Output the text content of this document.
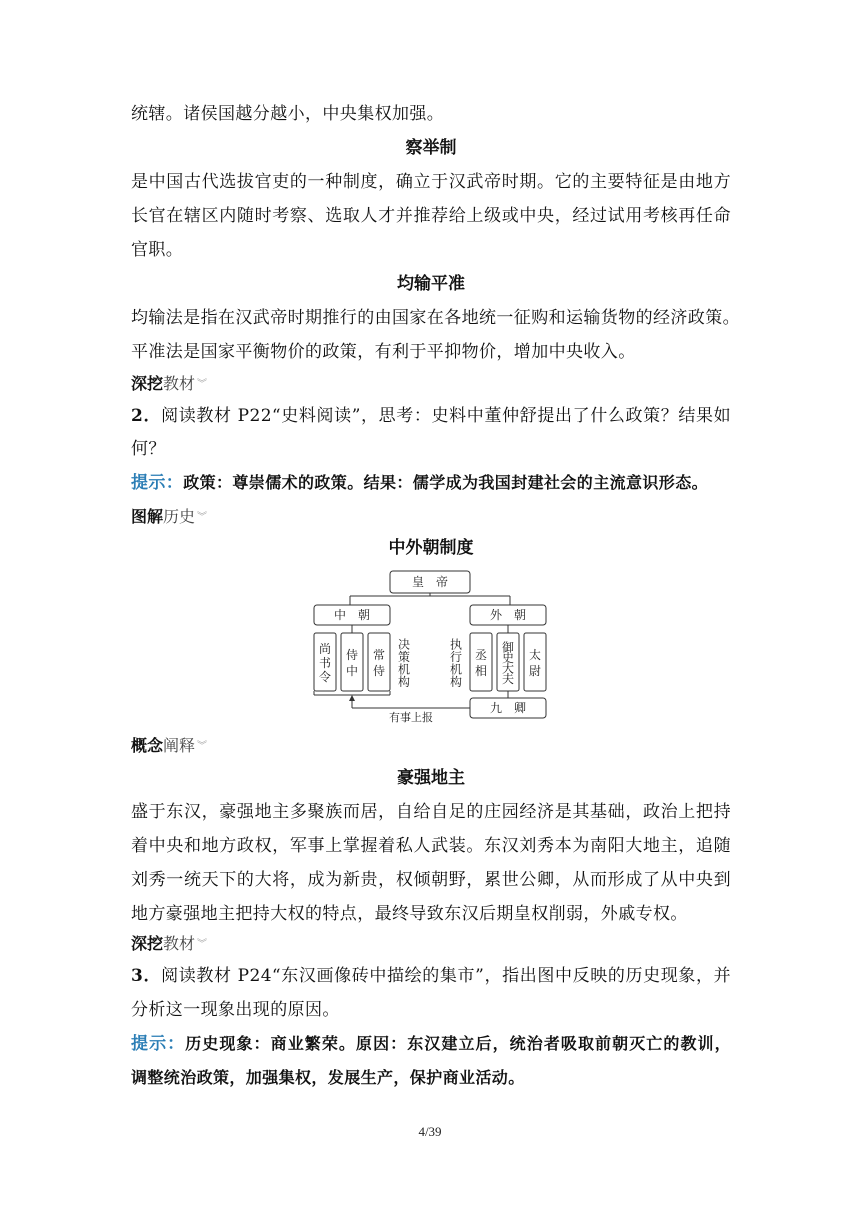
统辖。诸侯国越分越小，中央集权加强。
察举制
是中国古代选拔官吏的一种制度，确立于汉武帝时期。它的主要特征是由地方
长官在辖区内随时考察、选取人才并推荐给上级或中央，经过试用考核再任命
官职。
均输平准
均输法是指在汉武帝时期推行的由国家在各地统一征购和运输货物的经济政策。
平准法是国家平衡物价的政策，有利于平抑物价，增加中央收入。
深挖教材 ︾
2．阅读教材 P22“史料阅读”，思考：史料中董仲舒提出了什么政策？结果如
何？
提示：政策：尊崇儒术的政策。结果：儒学成为我国封建社会的主流意识形态。
图解历史 ︾
中外朝制度
皇　帝
中　朝	外　朝
九　卿
有事上报
尚书令
侍中
常侍
丞相
御史大夫
太尉
决策机构
执行机构
概念阐释 ︾
豪强地主
盛于东汉，豪强地主多聚族而居，自给自足的庄园经济是其基础，政治上把持
着中央和地方政权，军事上掌握着私人武装。东汉刘秀本为南阳大地主，追随
刘秀一统天下的大将，成为新贵，权倾朝野，累世公卿，从而形成了从中央到
地方豪强地主把持大权的特点，最终导致东汉后期皇权削弱，外戚专权。
深挖教材 ︾
3．阅读教材 P24“东汉画像砖中描绘的集市”，指出图中反映的历史现象，并
分析这一现象出现的原因。
提示：历史现象：商业繁荣。原因：东汉建立后，统治者吸取前朝灭亡的教训，
调整统治政策，加强集权，发展生产，保护商业活动。
4/39
